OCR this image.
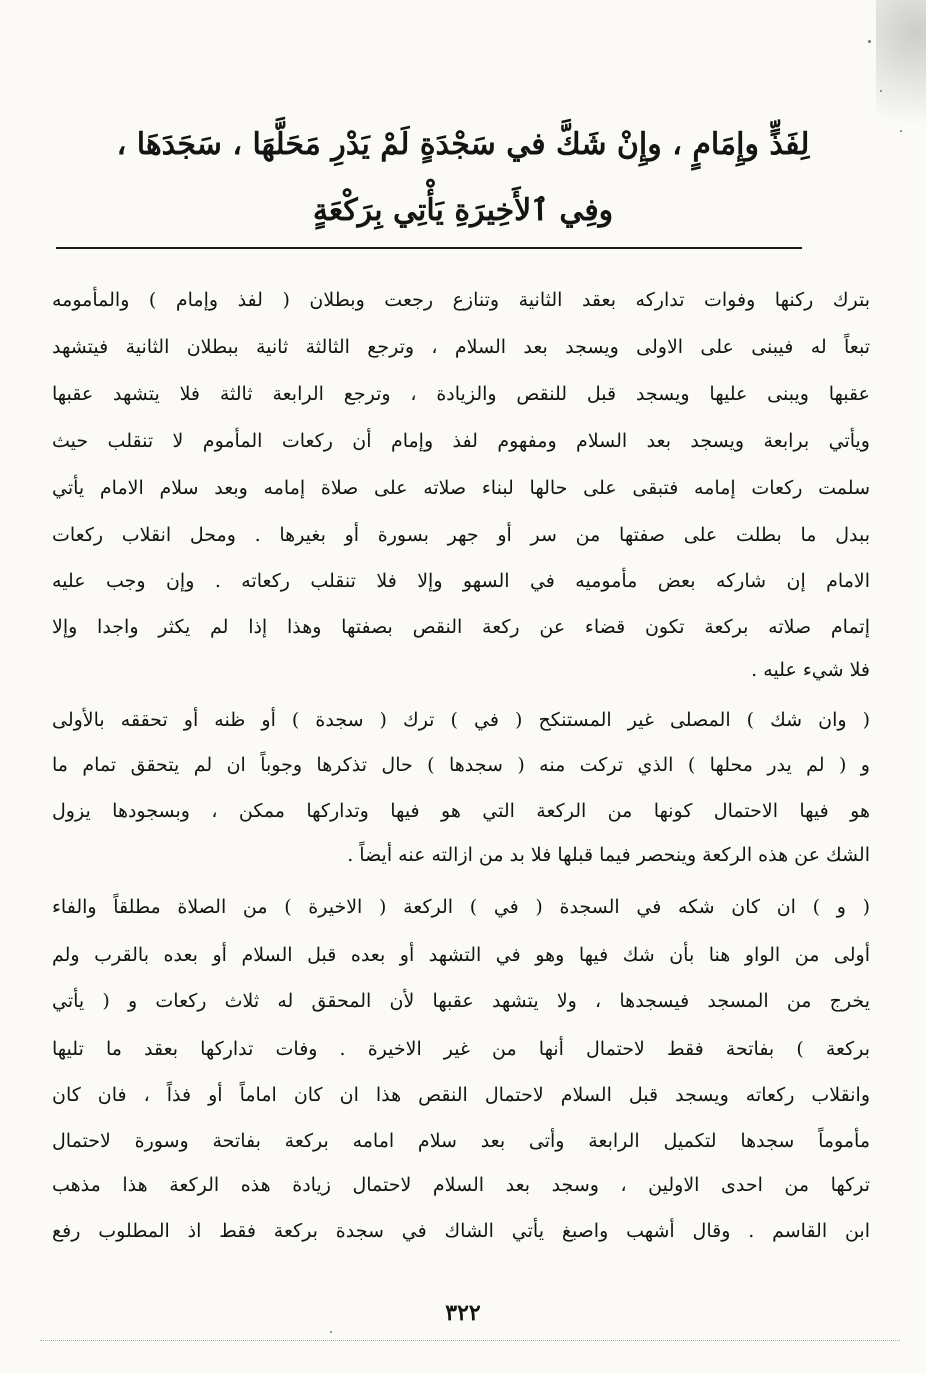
لِفَذٍّ وإِمَامٍ ، وإِنْ شَكَّ في سَجْدَةٍ لَمْ يَدْرِ مَحَلَّهَا ، سَجَدَهَا ،
وفِي ٱلأَخِيرَةِ يَأْتِي بِرَكْعَةٍ
بترك ركنها وفوات تداركه بعقد الثانية وتنازع رجعت وبطلان ( لفذ وإمام ) والمأمومه
تبعاً له فيبنى على الاولى ويسجد بعد السلام ، وترجع الثالثة ثانية ببطلان الثانية فيتشهد
عقبها ويبنى عليها ويسجد قبل للنقص والزيادة ، وترجع الرابعة ثالثة فلا يتشهد عقبها
ويأتي برابعة ويسجد بعد السلام ومفهوم لفذ وإمام أن ركعات المأموم لا تنقلب حيث
سلمت ركعات إمامه فتبقى على حالها لبناء صلاته على صلاة إمامه وبعد سلام الامام يأتي
ببدل ما بطلت على صفتها من سر أو جهر بسورة أو بغيرها . ومحل انقلاب ركعات
الامام إن شاركه بعض مأموميه في السهو وإلا فلا تنقلب ركعاته . وإن وجب عليه
إتمام صلاته بركعة تكون قضاء عن ركعة النقص بصفتها وهذا إذا لم يكثر واجدا وإلا
فلا شيء عليه .
( وان شك ) المصلى غير المستنكح ( في ) ترك ( سجدة ) أو ظنه أو تحققه بالأولى
و ( لم يدر محلها ) الذي تركت منه ( سجدها ) حال تذكرها وجوباً ان لم يتحقق تمام ما
هو فيها الاحتمال كونها من الركعة التي هو فيها وتداركها ممكن ، وبسجودها يزول
الشك عن هذه الركعة وينحصر فيما قبلها فلا بد من ازالته عنه أيضاً .
( و ) ان كان شكه في السجدة ( في ) الركعة ( الاخيرة ) من الصلاة مطلقاً والفاء
أولى من الواو هنا بأن شك فيها وهو في التشهد أو بعده قبل السلام أو بعده بالقرب ولم
يخرج من المسجد فيسجدها ، ولا يتشهد عقبها لأن المحقق له ثلاث ركعات و ( يأتي
بركعة ) بفاتحة فقط لاحتمال أنها من غير الاخيرة . وفات تداركها بعقد ما تليها
وانقلاب ركعاته ويسجد قبل السلام لاحتمال النقص هذا ان كان اماماً أو فذاً ، فان كان
مأموماً سجدها لتكميل الرابعة وأتى بعد سلام امامه بركعة بفاتحة وسورة لاحتمال
تركها من احدى الاولين ، وسجد بعد السلام لاحتمال زيادة هذه الركعة هذا مذهب
ابن القاسم . وقال أشهب واصبغ يأتي الشاك في سجدة بركعة فقط اذ المطلوب رفع
٣٢٢
